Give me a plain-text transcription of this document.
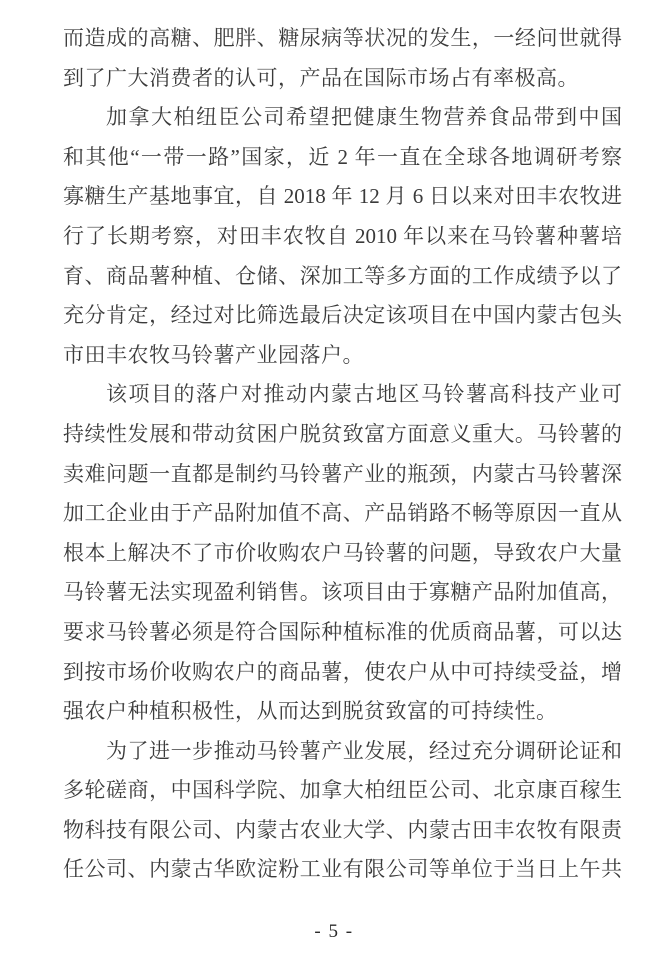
而造成的高糖、肥胖、糖尿病等状况的发生，一经问世就得
到了广大消费者的认可，产品在国际市场占有率极高。
加拿大柏纽臣公司希望把健康生物营养食品带到中国
和其他“一带一路”国家，近 2 年一直在全球各地调研考察
寡糖生产基地事宜，自 2018 年 12 月 6 日以来对田丰农牧进
行了长期考察，对田丰农牧自 2010 年以来在马铃薯种薯培
育、商品薯种植、仓储、深加工等多方面的工作成绩予以了
充分肯定，经过对比筛选最后决定该项目在中国内蒙古包头
市田丰农牧马铃薯产业园落户。
该项目的落户对推动内蒙古地区马铃薯高科技产业可
持续性发展和带动贫困户脱贫致富方面意义重大。马铃薯的
卖难问题一直都是制约马铃薯产业的瓶颈，内蒙古马铃薯深
加工企业由于产品附加值不高、产品销路不畅等原因一直从
根本上解决不了市价收购农户马铃薯的问题，导致农户大量
马铃薯无法实现盈利销售。该项目由于寡糖产品附加值高，
要求马铃薯必须是符合国际种植标准的优质商品薯，可以达
到按市场价收购农户的商品薯，使农户从中可持续受益，增
强农户种植积极性，从而达到脱贫致富的可持续性。
为了进一步推动马铃薯产业发展，经过充分调研论证和
多轮磋商，中国科学院、加拿大柏纽臣公司、北京康百稼生
物科技有限公司、内蒙古农业大学、内蒙古田丰农牧有限责
任公司、内蒙古华欧淀粉工业有限公司等单位于当日上午共
- 5 -
